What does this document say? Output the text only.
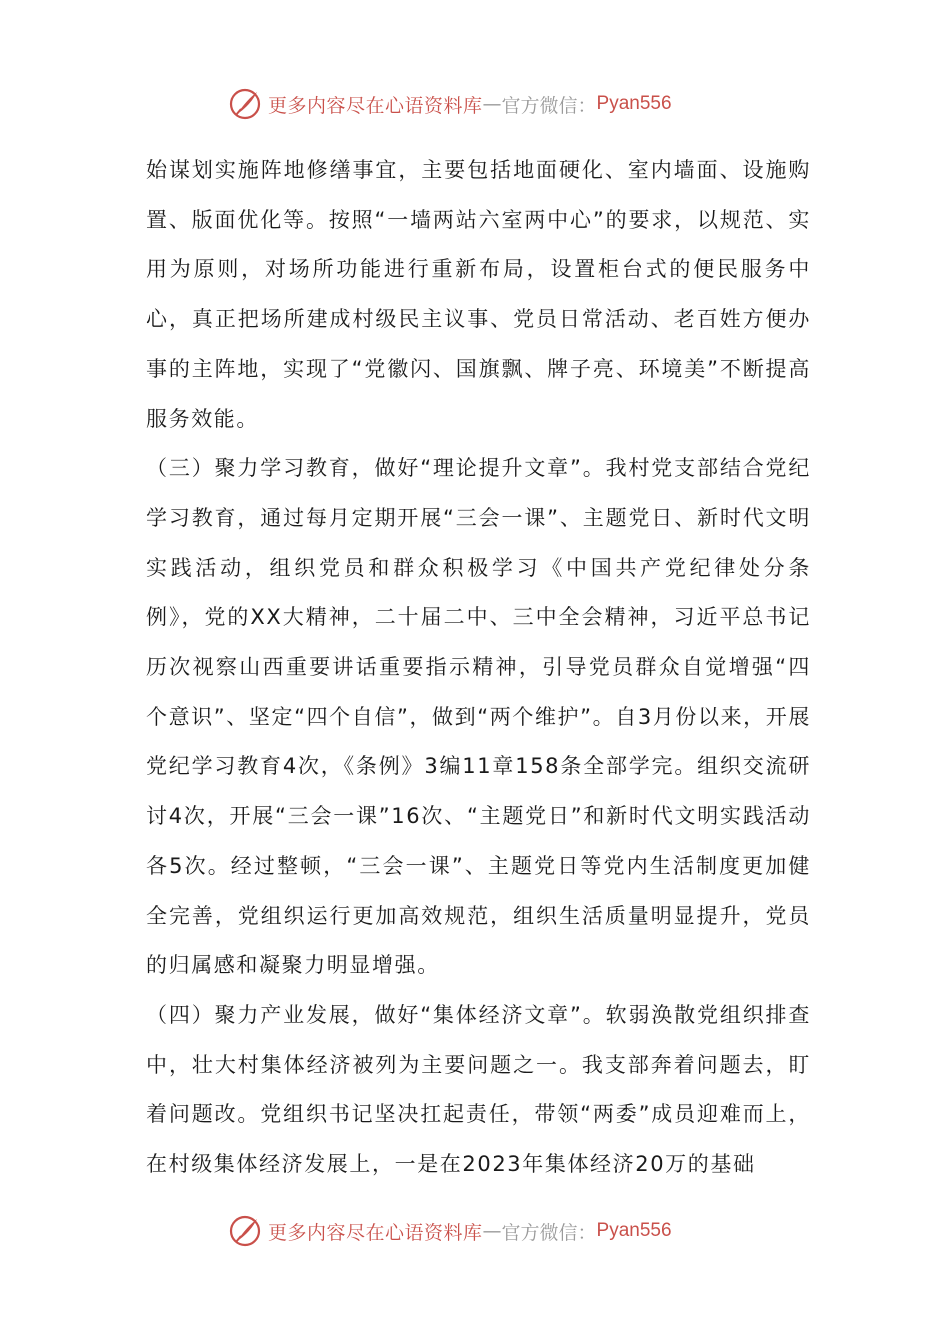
更多内容尽在心语资料库 — 官方微信： Pyan556

始谋划实施阵地修缮事宜，主要包括地面硬化、室内墙面、设施购置、版面优化等。按照“一墙两站六室两中心”的要求，以规范、实用为原则，对场所功能进行重新布局，设置柜台式的便民服务中心，真正把场所建成村级民主议事、党员日常活动、老百姓方便办事的主阵地，实现了“党徽闪、国旗飘、牌子亮、环境美”不断提高服务效能。

（三）聚力学习教育，做好“理论提升文章”。我村党支部结合党纪学习教育，通过每月定期开展“三会一课”、主题党日、新时代文明实践活动，组织党员和群众积极学习《中国共产党纪律处分条例》，党的XX大精神，二十届二中、三中全会精神，习近平总书记历次视察山西重要讲话重要指示精神，引导党员群众自觉增强“四个意识”、坚定“四个自信”，做到“两个维护”。自3月份以来，开展党纪学习教育4次，《条例》3编11章158条全部学完。组织交流研讨4次，开展“三会一课”16次、“主题党日”和新时代文明实践活动各5次。经过整顿，“三会一课”、主题党日等党内生活制度更加健全完善，党组织运行更加高效规范，组织生活质量明显提升，党员的归属感和凝聚力明显增强。

（四）聚力产业发展，做好“集体经济文章”。软弱涣散党组织排查中，壮大村集体经济被列为主要问题之一。我支部奔着问题去，盯着问题改。党组织书记坚决扛起责任，带领“两委”成员迎难而上，在村级集体经济发展上，一是在2023年集体经济20万的基础

更多内容尽在心语资料库 — 官方微信： Pyan556
